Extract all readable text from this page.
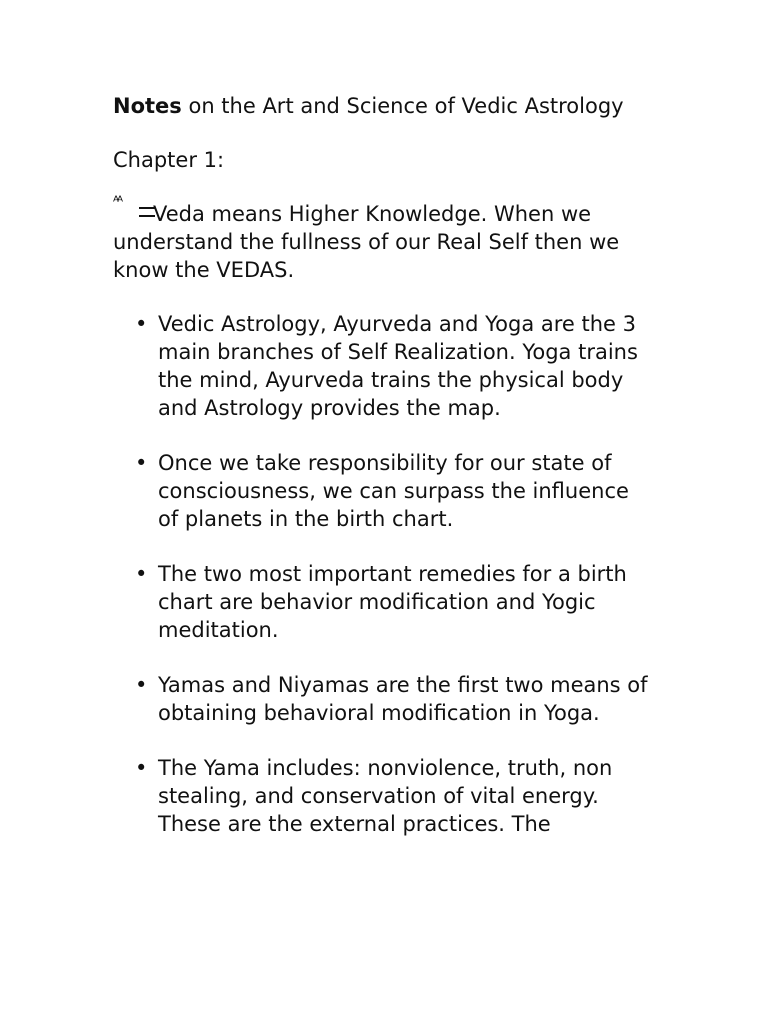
Notes on the Art and Science of Vedic Astrology
Chapter 1:
ᴬᴬ Veda means Higher Knowledge. When we understand the fullness of our Real Self then we know the VEDAS.
• Vedic Astrology, Ayurveda and Yoga are the 3 main branches of Self Realization. Yoga trains the mind, Ayurveda trains the physical body and Astrology provides the map.
• Once we take responsibility for our state of consciousness, we can surpass the influence of planets in the birth chart.
• The two most important remedies for a birth chart are behavior modification and Yogic meditation.
• Yamas and Niyamas are the first two means of obtaining behavioral modification in Yoga.
• The Yama includes: nonviolence, truth, non stealing, and conservation of vital energy. These are the external practices. The
